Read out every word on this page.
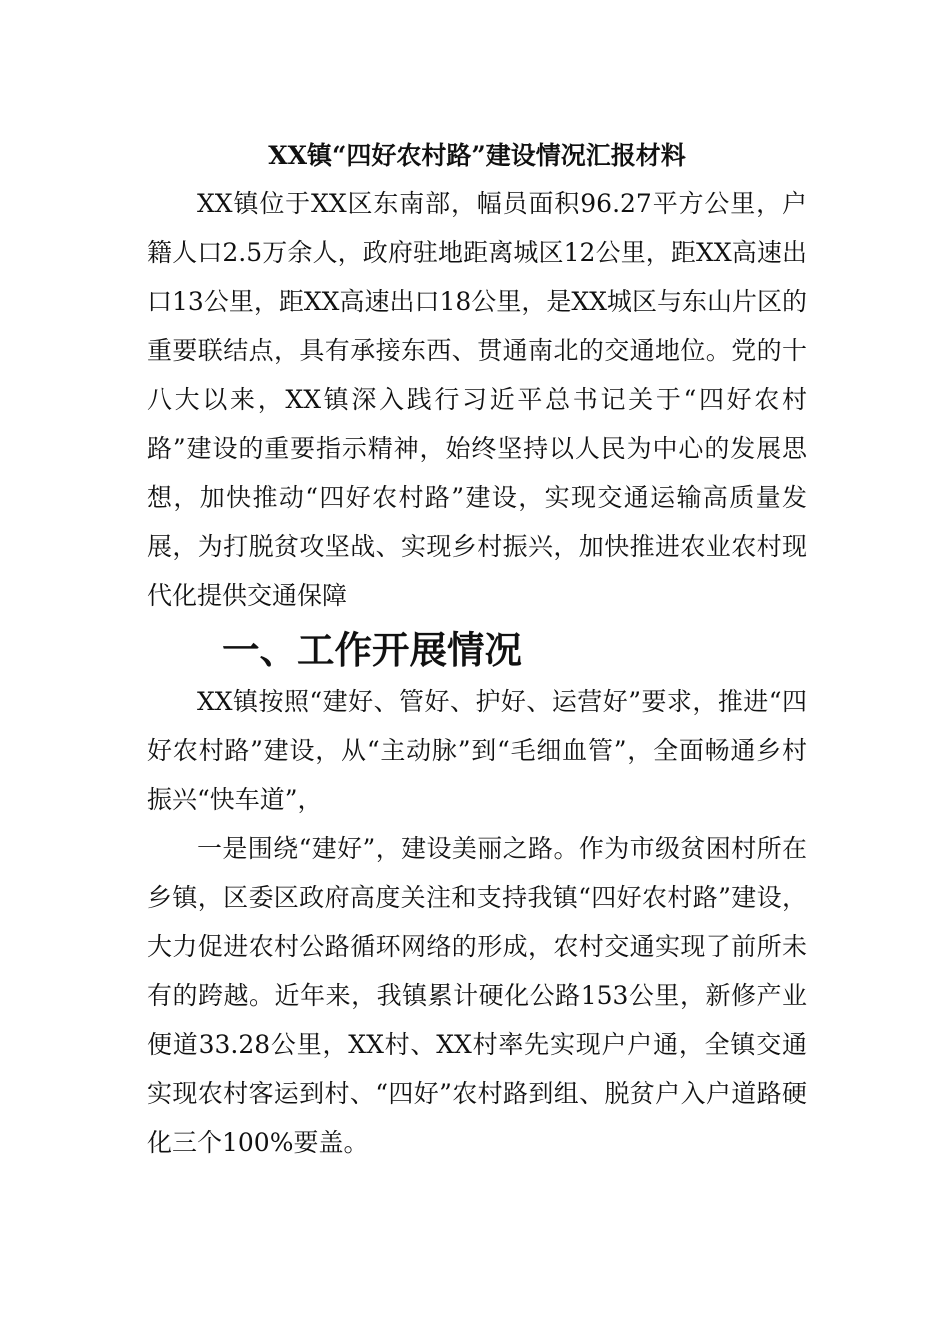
XX镇“四好农村路”建设情况汇报材料

XX镇位于XX区东南部，幅员面积96.27平方公里，户籍人口2.5万余人，政府驻地距离城区12公里，距XX高速出口13公里，距XX高速出口18公里，是XX城区与东山片区的重要联结点，具有承接东西、贯通南北的交通地位。党的十八大以来，XX镇深入践行习近平总书记关于“四好农村路”建设的重要指示精神，始终坚持以人民为中心的发展思想，加快推动“四好农村路”建设，实现交通运输高质量发展，为打脱贫攻坚战、实现乡村振兴，加快推进农业农村现代化提供交通保障

一、工作开展情况

XX镇按照“建好、管好、护好、运营好”要求，推进“四好农村路”建设，从“主动脉”到“毛细血管”，全面畅通乡村振兴“快车道”，

一是围绕“建好”，建设美丽之路。作为市级贫困村所在乡镇，区委区政府高度关注和支持我镇“四好农村路”建设，大力促进农村公路循环网络的形成，农村交通实现了前所未有的跨越。近年来，我镇累计硬化公路153公里，新修产业便道33.28公里，XX村、XX村率先实现户户通，全镇交通实现农村客运到村、“四好”农村路到组、脱贫户入户道路硬化三个100%要盖。
